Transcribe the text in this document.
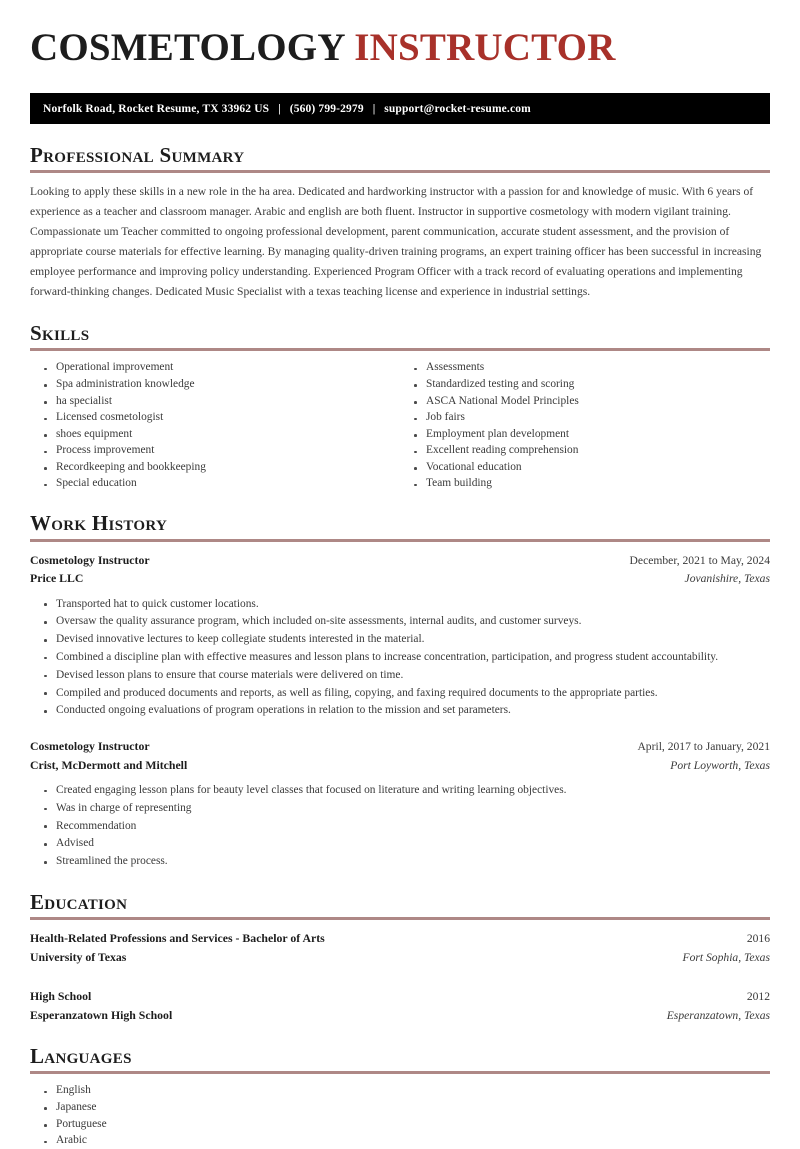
COSMETOLOGY INSTRUCTOR
Norfolk Road, Rocket Resume, TX 33962 US | (560) 799-2979 | support@rocket-resume.com
Professional Summary
Looking to apply these skills in a new role in the ha area. Dedicated and hardworking instructor with a passion for and knowledge of music. With 6 years of experience as a teacher and classroom manager. Arabic and english are both fluent. Instructor in supportive cosmetology with modern vigilant training. Compassionate um Teacher committed to ongoing professional development, parent communication, accurate student assessment, and the provision of appropriate course materials for effective learning. By managing quality-driven training programs, an expert training officer has been successful in increasing employee performance and improving policy understanding. Experienced Program Officer with a track record of evaluating operations and implementing forward-thinking changes. Dedicated Music Specialist with a texas teaching license and experience in industrial settings.
Skills
Operational improvement
Spa administration knowledge
ha specialist
Licensed cosmetologist
shoes equipment
Process improvement
Recordkeeping and bookkeeping
Special education
Assessments
Standardized testing and scoring
ASCA National Model Principles
Job fairs
Employment plan development
Excellent reading comprehension
Vocational education
Team building
Work History
Cosmetology Instructor	December, 2021 to May, 2024
Price LLC	Jovanishire, Texas
Transported hat to quick customer locations.
Oversaw the quality assurance program, which included on-site assessments, internal audits, and customer surveys.
Devised innovative lectures to keep collegiate students interested in the material.
Combined a discipline plan with effective measures and lesson plans to increase concentration, participation, and progress student accountability.
Devised lesson plans to ensure that course materials were delivered on time.
Compiled and produced documents and reports, as well as filing, copying, and faxing required documents to the appropriate parties.
Conducted ongoing evaluations of program operations in relation to the mission and set parameters.
Cosmetology Instructor	April, 2017 to January, 2021
Crist, McDermott and Mitchell	Port Loyworth, Texas
Created engaging lesson plans for beauty level classes that focused on literature and writing learning objectives.
Was in charge of representing
Recommendation
Advised
Streamlined the process.
Education
Health-Related Professions and Services - Bachelor of Arts	2016
University of Texas	Fort Sophia, Texas
High School	2012
Esperanzatown High School	Esperanzatown, Texas
Languages
English
Japanese
Portuguese
Arabic
